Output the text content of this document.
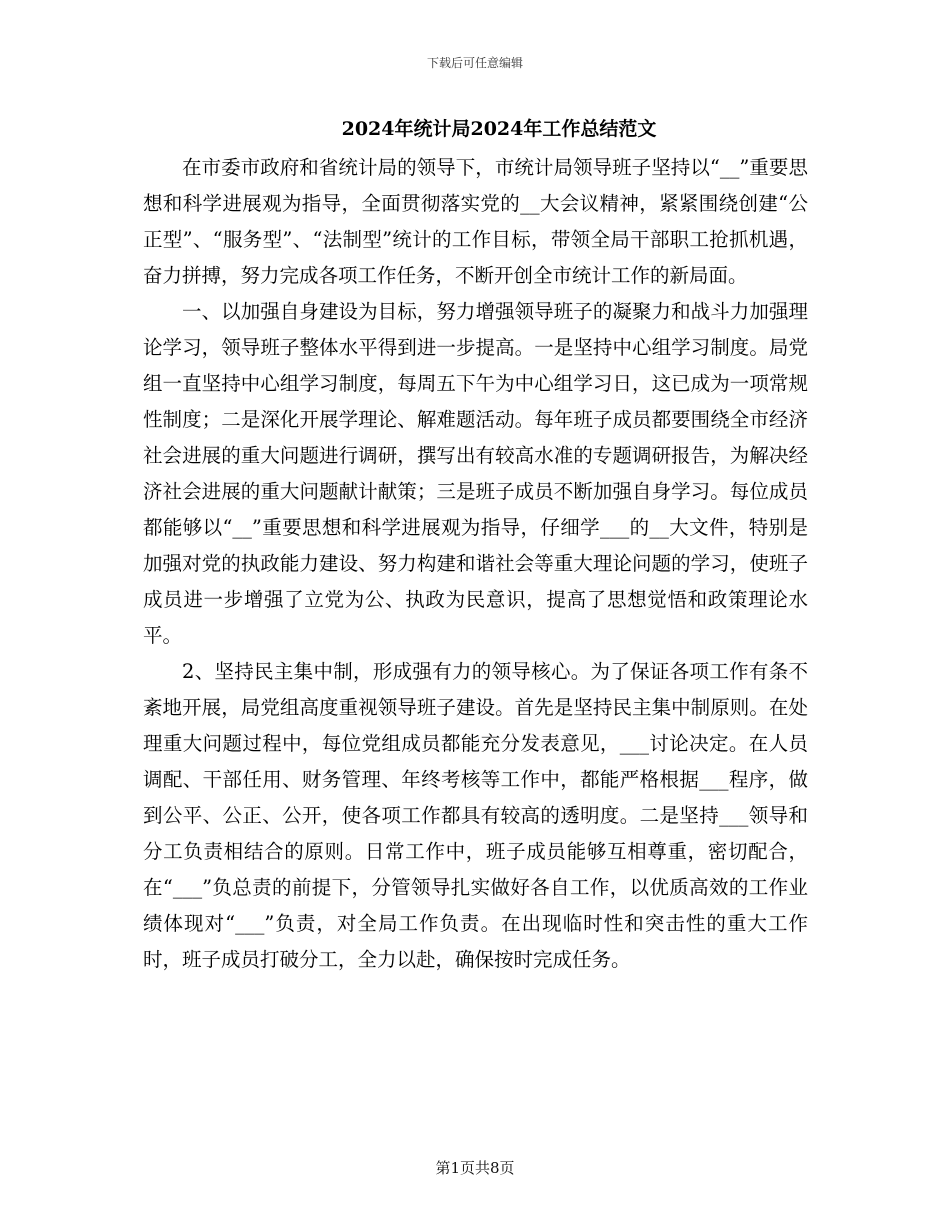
下载后可任意编辑
2024年统计局2024年工作总结范文

在市委市政府和省统计局的领导下，市统计局领导班子坚持以“__”重要思想和科学进展观为指导，全面贯彻落实党的__大会议精神，紧紧围绕创建“公正型”、“服务型”、“法制型”统计的工作目标，带领全局干部职工抢抓机遇，奋力拼搏，努力完成各项工作任务，不断开创全市统计工作的新局面。

一、以加强自身建设为目标，努力增强领导班子的凝聚力和战斗力加强理论学习，领导班子整体水平得到进一步提高。一是坚持中心组学习制度。局党组一直坚持中心组学习制度，每周五下午为中心组学习日，这已成为一项常规性制度；二是深化开展学理论、解难题活动。每年班子成员都要围绕全市经济社会进展的重大问题进行调研，撰写出有较高水准的专题调研报告，为解决经济社会进展的重大问题献计献策；三是班子成员不断加强自身学习。每位成员都能够以“__”重要思想和科学进展观为指导，仔细学___的__大文件，特别是加强对党的执政能力建设、努力构建和谐社会等重大理论问题的学习，使班子成员进一步增强了立党为公、执政为民意识，提高了思想觉悟和政策理论水平。

2、坚持民主集中制，形成强有力的领导核心。为了保证各项工作有条不紊地开展，局党组高度重视领导班子建设。首先是坚持民主集中制原则。在处理重大问题过程中，每位党组成员都能充分发表意见，___讨论决定。在人员调配、干部任用、财务管理、年终考核等工作中，都能严格根据___程序，做到公平、公正、公开，使各项工作都具有较高的透明度。二是坚持___领导和分工负责相结合的原则。日常工作中，班子成员能够互相尊重，密切配合，在“___”负总责的前提下，分管领导扎实做好各自工作，以优质高效的工作业绩体现对“___”负责，对全局工作负责。在出现临时性和突击性的重大工作时，班子成员打破分工，全力以赴，确保按时完成任务。

第1页共8页
